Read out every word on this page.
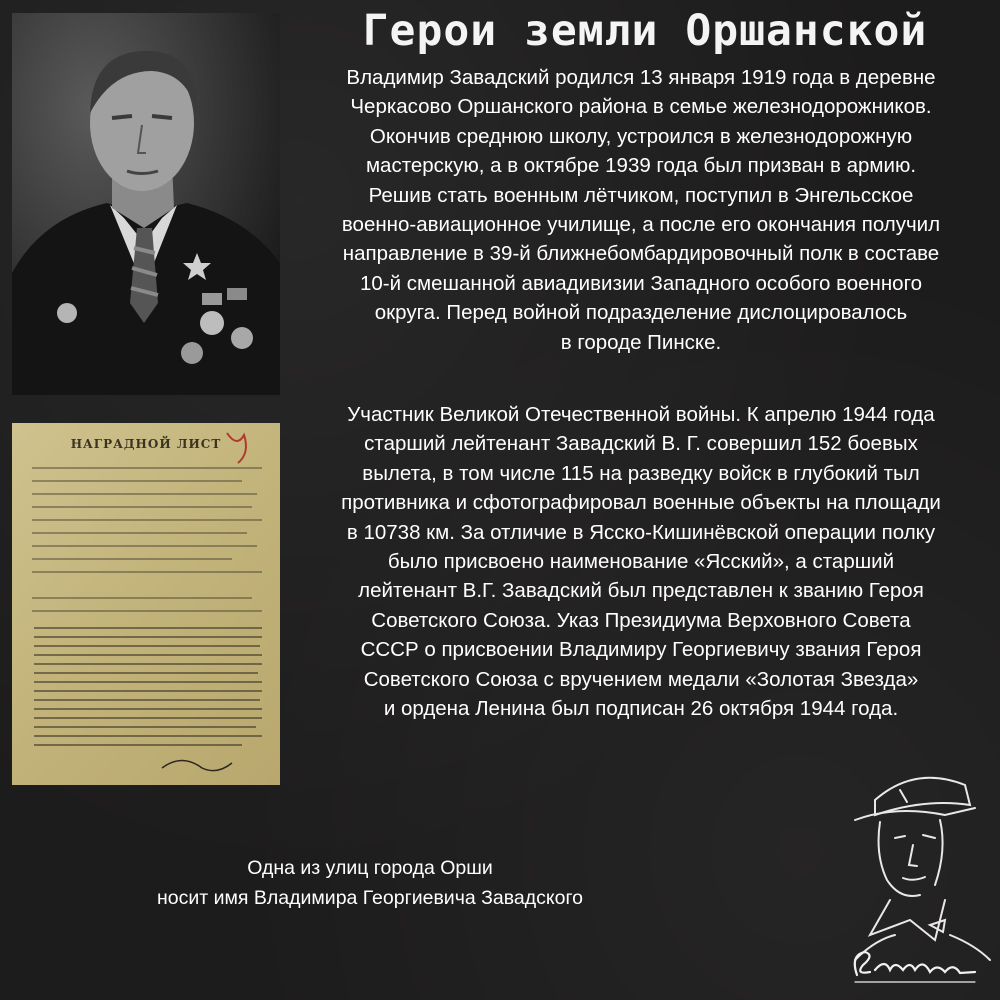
Герои земли Оршанской
НАГРАДНОЙ ЛИСТ

Владимир Завадский родился 13 января 1919 года в деревне
Черкасово Оршанского района в семье железнодорожников.
Окончив среднюю школу, устроился в железнодорожную
мастерскую, а в октябре 1939 года был призван в армию.
Решив стать военным лётчиком, поступил в Энгельсское
военно-авиационное училище, а после его окончания получил
направление в 39-й ближнебомбардировочный полк в составе
10-й смешанной авиадивизии Западного особого военного
округа. Перед войной подразделение дислоцировалось
в городе Пинске.

Участник Великой Отечественной войны. К апрелю 1944 года
старший лейтенант Завадский В. Г. совершил 152 боевых
вылета, в том числе 115 на разведку войск в глубокий тыл
противника и сфотографировал военные объекты на площади
в 10738 км. За отличие в Ясско-Кишинёвской операции полку
было присвоено наименование «Ясский», а старший
лейтенант В.Г. Завадский был представлен к званию Героя
Советского Союза. Указ Президиума Верховного Совета
СССР о присвоении Владимиру Георгиевичу звания Героя
Советского Союза с вручением медали «Золотая Звезда»
и ордена Ленина был подписан 26 октября 1944 года.

Одна из улиц города Орши
носит имя Владимира Георгиевича Завадского
